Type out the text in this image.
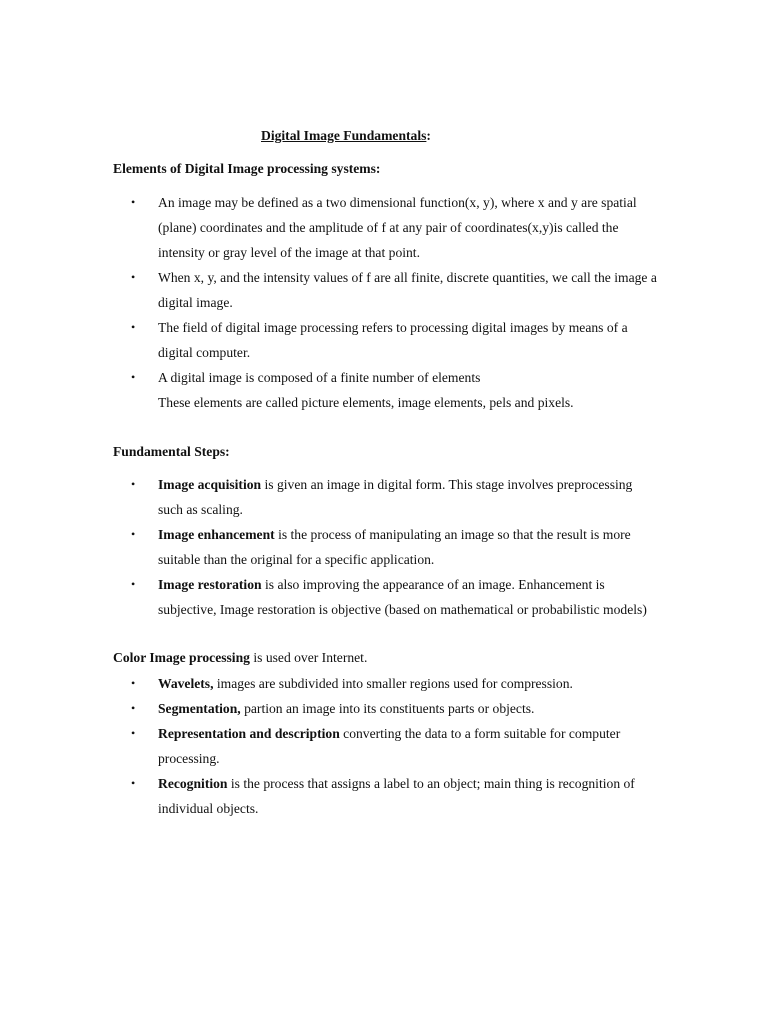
Digital Image Fundamentals:
Elements of Digital Image processing systems:
• An image may be defined as a two dimensional function(x, y), where x and y are spatial (plane) coordinates and the amplitude of f at any pair of coordinates(x,y)is called the intensity or gray level of the image at that point.
• When x, y, and the intensity values of f are all finite, discrete quantities, we call the image a digital image.
• The field of digital image processing refers to processing digital images by means of a digital computer.
• A digital image is composed of a finite number of elements
These elements are called picture elements, image elements, pels and pixels.
Fundamental Steps:
• Image acquisition is given an image in digital form. This stage involves preprocessing such as scaling.
• Image enhancement is the process of manipulating an image so that the result is more suitable than the original for a specific application.
• Image restoration is also improving the appearance of an image. Enhancement is subjective, Image restoration is objective (based on mathematical or probabilistic models)
Color Image processing is used over Internet.
• Wavelets, images are subdivided into smaller regions used for compression.
• Segmentation, partion an image into its constituents parts or objects.
• Representation and description converting the data to a form suitable for computer processing.
• Recognition is the process that assigns a label to an object; main thing is recognition of individual objects.
